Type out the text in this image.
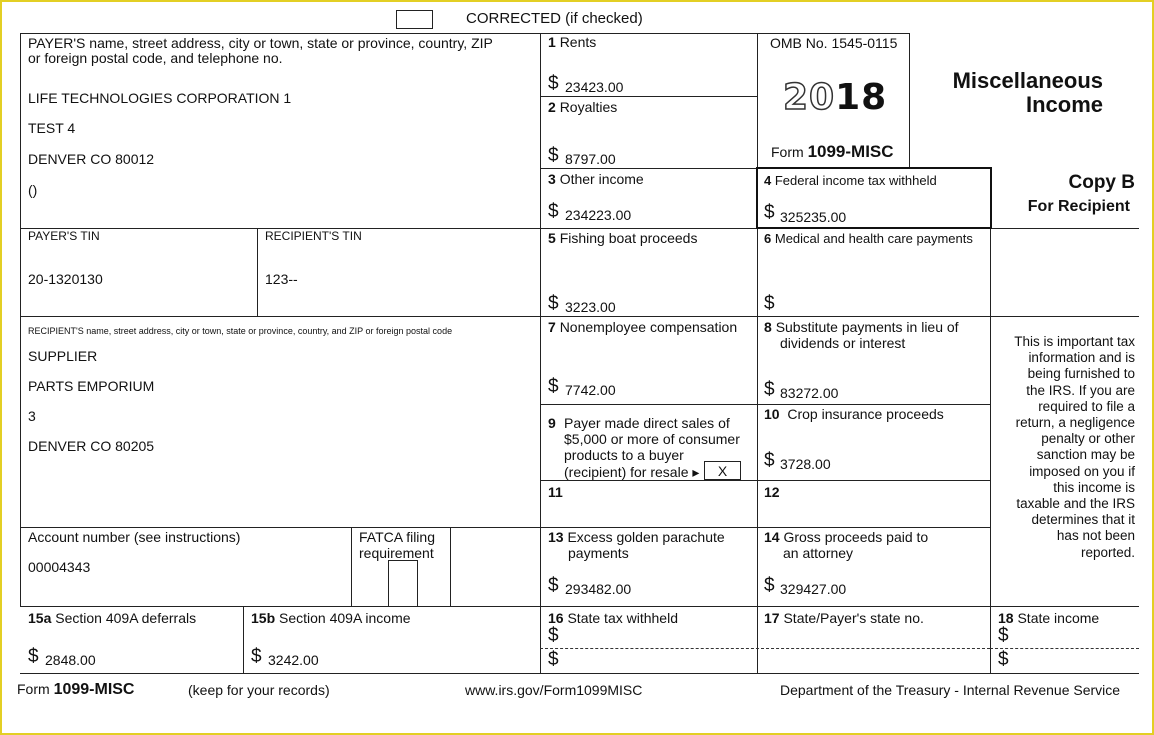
CORRECTED (if checked)
PAYER'S name, street address, city or town, state or province, country, ZIP
or foreign postal code, and telephone no.
LIFE TECHNOLOGIES CORPORATION 1
TEST 4
DENVER CO 80012
()
PAYER'S TIN
20-1320130
RECIPIENT'S TIN
123--
RECIPIENT'S name, street address, city or town, state or province, country, and ZIP or foreign postal code
SUPPLIER
PARTS EMPORIUM
3
DENVER CO 80205
Account number (see instructions)
00004343
FATCA filing
requirement
1 Rents
$ 23423.00
2 Royalties
$ 8797.00
3 Other income
$ 234223.00
OMB No. 1545-0115
2018
Form 1099-MISC
Miscellaneous
Income
Copy B
For Recipient
4 Federal income tax withheld
$ 325235.00
5 Fishing boat proceeds
$ 3223.00
6 Medical and health care payments
$
7 Nonemployee compensation
$ 7742.00
8 Substitute payments in lieu of
dividends or interest
$ 83272.00
9 Payer made direct sales of
$5,000 or more of consumer
products to a buyer
(recipient) for resale ▸	X
10 Crop insurance proceeds
$ 3728.00
11	12
13 Excess golden parachute
payments
$ 293482.00
14 Gross proceeds paid to
an attorney
$ 329427.00
15a Section 409A deferrals
$ 2848.00
15b Section 409A income
$ 3242.00
16 State tax withheld
$
$
17 State/Payer's state no.	18 State income
$
$
This is important tax
information and is
being furnished to
the IRS. If you are
required to file a
return, a negligence
penalty or other
sanction may be
imposed on you if
this income is
taxable and the IRS
determines that it
has not been
reported.
Form 1099-MISC	(keep for your records)	www.irs.gov/Form1099MISC	Department of the Treasury - Internal Revenue Service
